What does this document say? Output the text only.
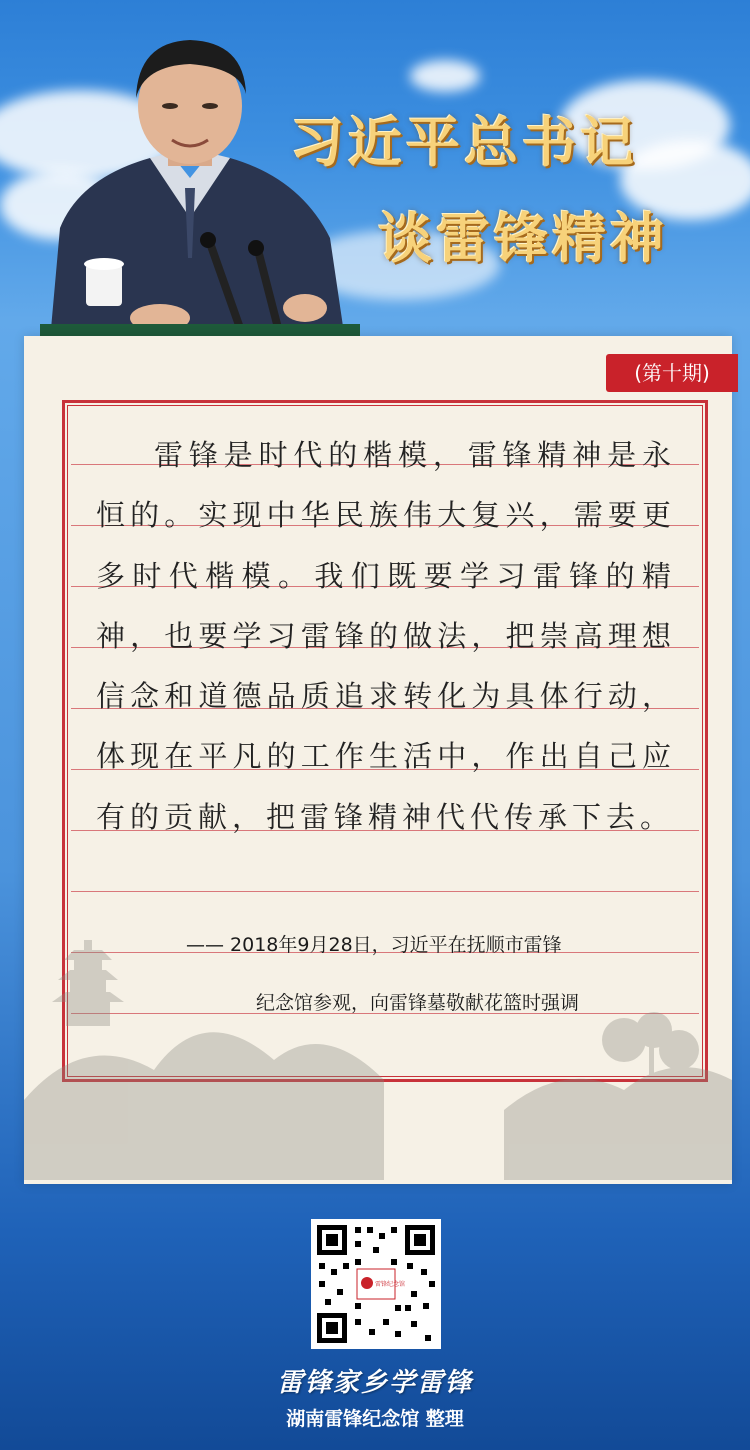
习近平总书记
谈雷锋精神
(第十期)
雷锋是时代的楷模，雷锋精神是永恒的。实现中华民族伟大复兴，需要更多时代楷模。我们既要学习雷锋的精神，也要学习雷锋的做法，把崇高理想信念和道德品质追求转化为具体行动，体现在平凡的工作生活中，作出自己应有的贡献，把雷锋精神代代传承下去。
—— 2018年9月28日，习近平在抚顺市雷锋
纪念馆参观，向雷锋墓敬献花篮时强调
雷锋纪念馆
雷锋家乡学雷锋
湖南雷锋纪念馆 整理
